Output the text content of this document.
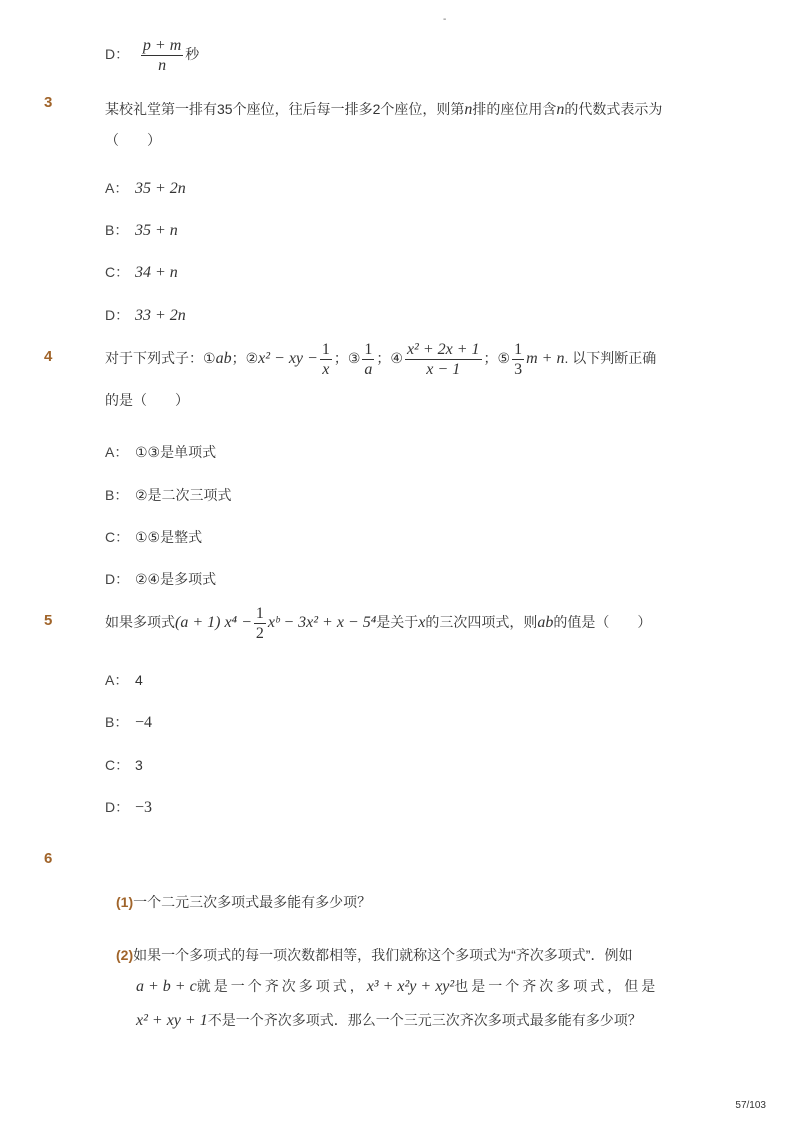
-
D： $\frac{p + m}{n}$ 秒
3	某校礼堂第一排有35个座位，往后每一排多2个座位，则第n排的座位用含n的代数式表示为
（　　）
A： 35 + 2n
B： 35 + n
C： 34 + n
D： 33 + 2n
4	对于下列式子：①ab；②x² − xy − $\frac{1}{x}$ ；③ $\frac{1}{a}$ ；④ $\frac{\text{x² + 2x + 1}}{x - 1}$ ；⑤ $\frac{1}{3}$ m + n. 以下判断正确
的是（　　）
A： ①③是单项式
B： ②是二次三项式
C： ①⑤是整式
D： ②④是多项式
5	如果多项式(a + 1) $x^4 - \frac{1}{2}$ xᵇ − 3x² + x − 5⁴是关于x的三次四项式，则ab的值是（　　）
A： 4
B： −4
C： 3
D： −3
6
(1)一个二元三次多项式最多能有多少项？
(2)如果一个多项式的每一项次数都相等，我们就称这个多项式为“齐次多项式”．例如
a + b + c就是一个齐次多项式，x³ + x²y + xy²也是一个齐次多项式，但是
x² + xy + 1不是一个齐次多项式．那么一个三元三次齐次多项式最多能有多少项？
57/103
